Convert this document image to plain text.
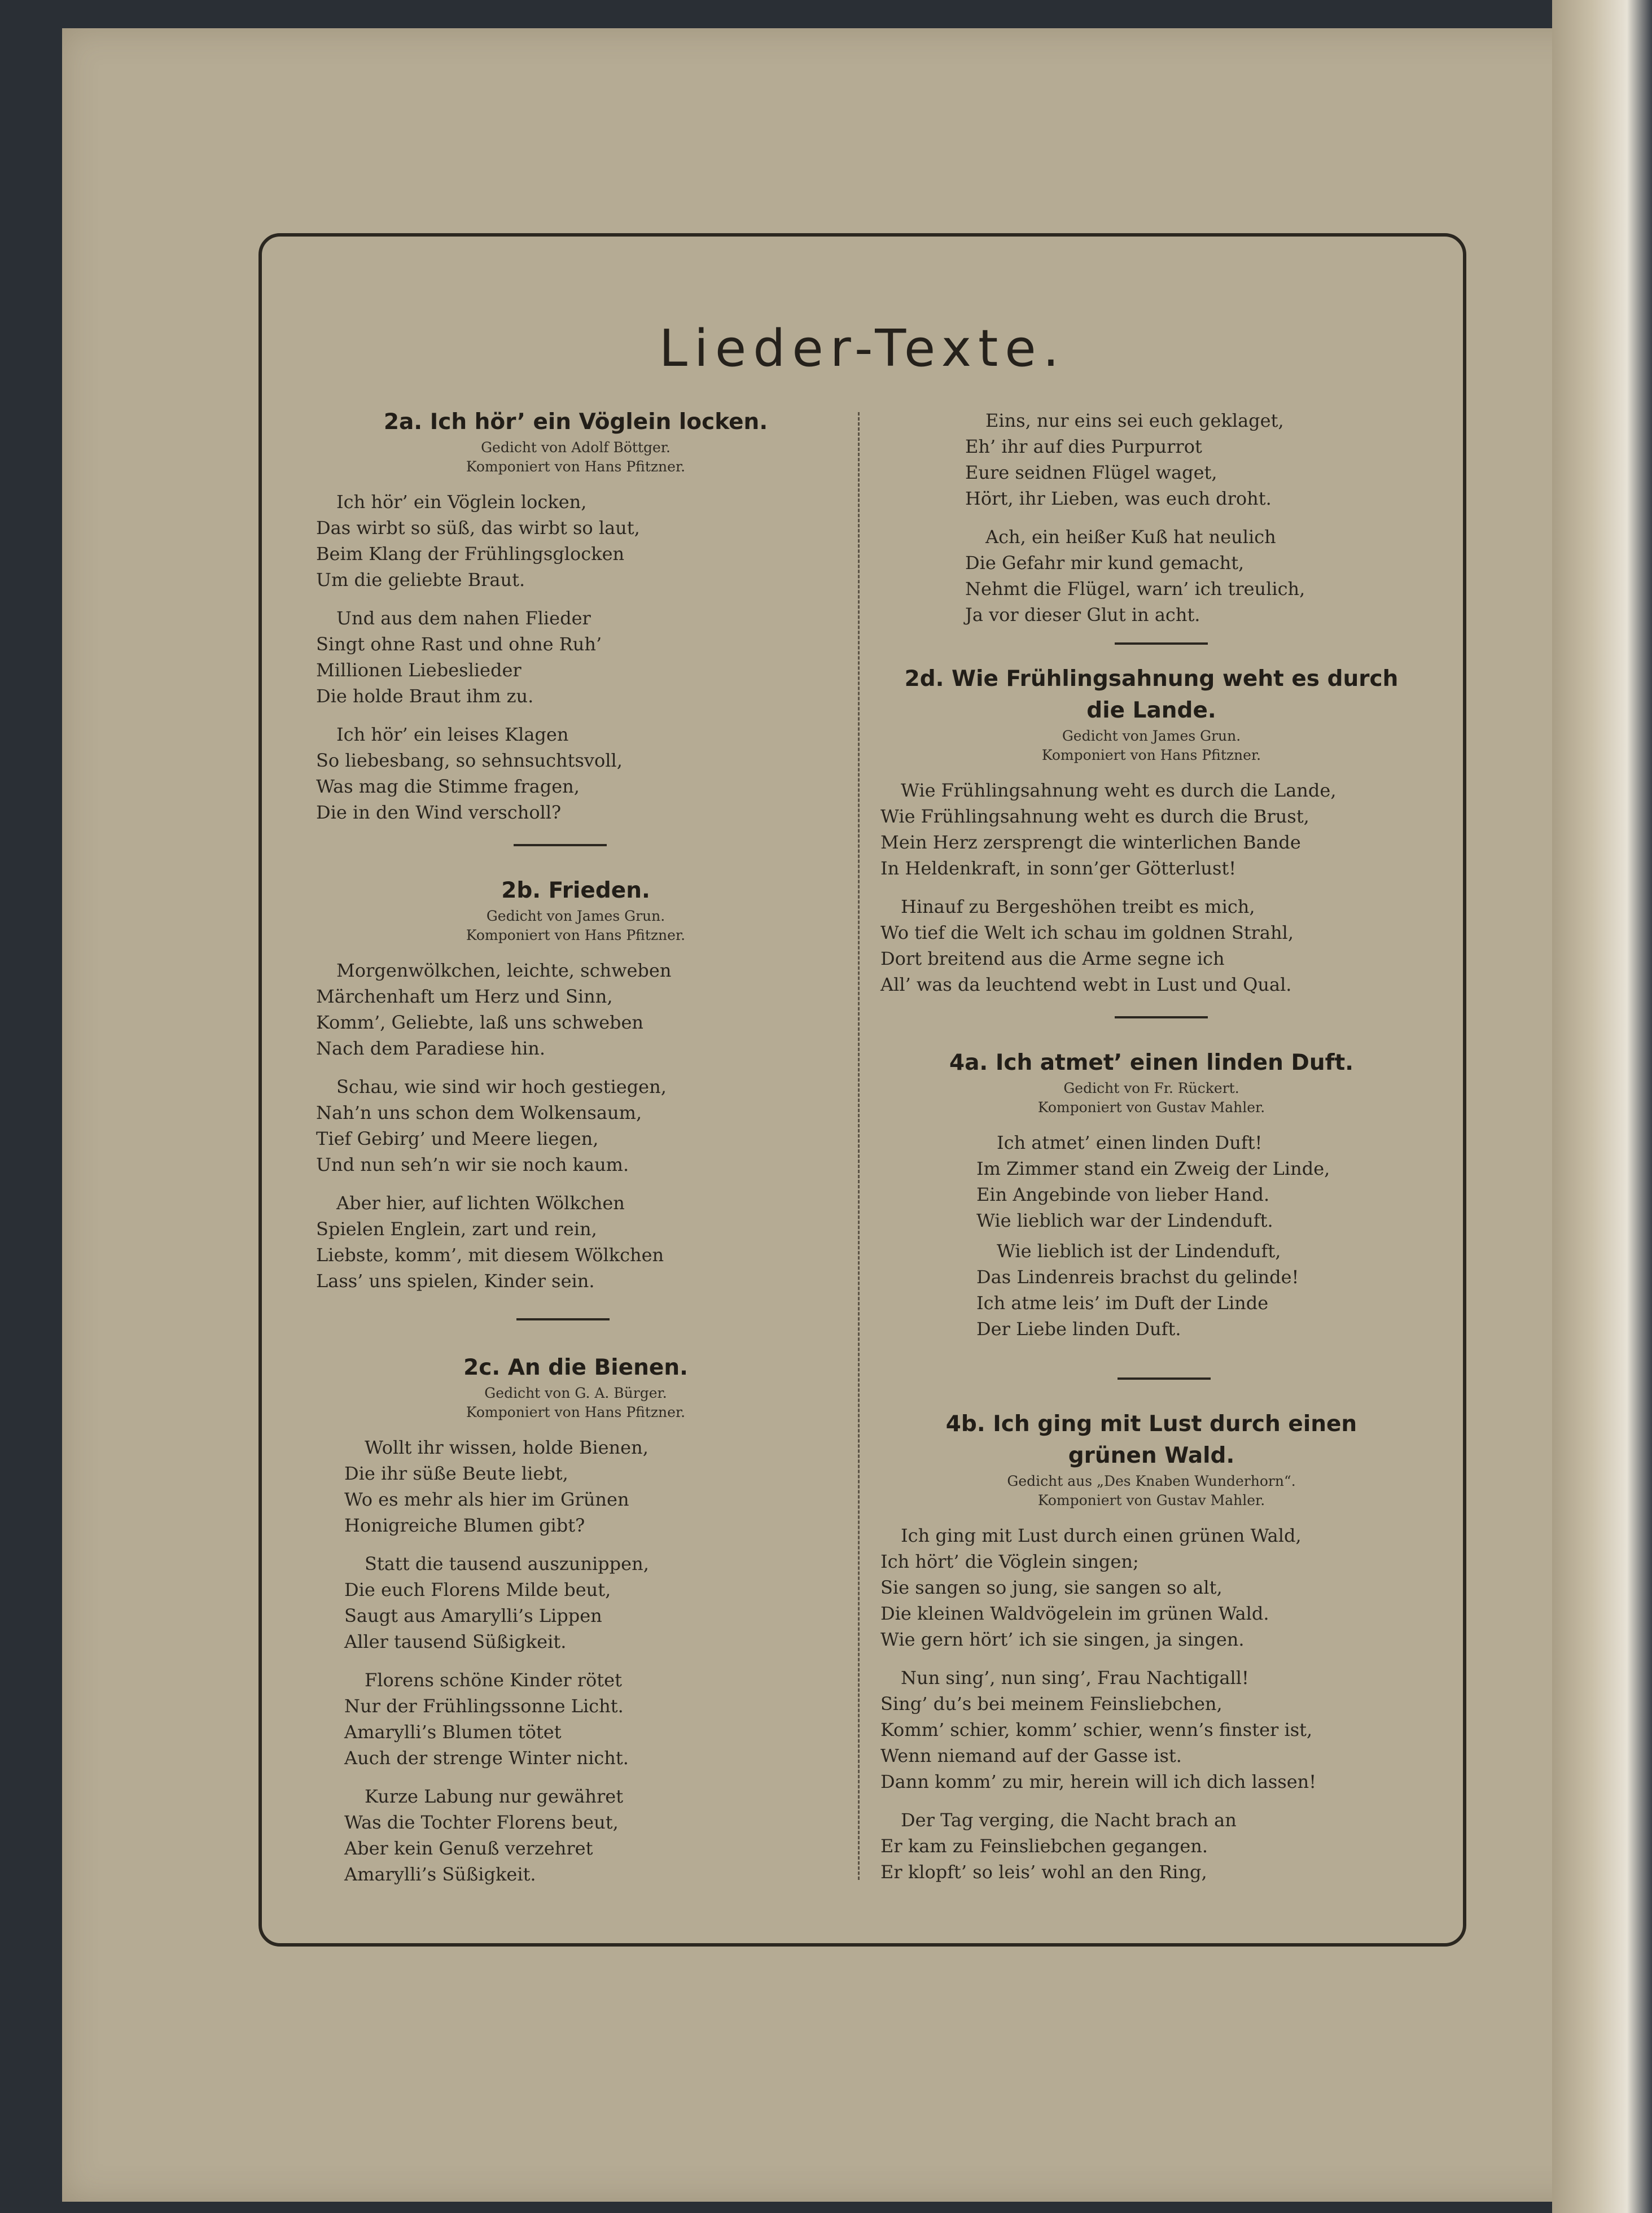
Lieder-Texte.

2a. Ich hör’ ein Vöglein locken.

Gedicht von Adolf Böttger.
Komponiert von Hans Pfitzner.
Ich hör’ ein Vöglein locken,
Das wirbt so süß, das wirbt so laut,
Beim Klang der Frühlingsglocken
Um die geliebte Braut.
Und aus dem nahen Flieder
Singt ohne Rast und ohne Ruh’
Millionen Liebeslieder
Die holde Braut ihm zu.
Ich hör’ ein leises Klagen
So liebesbang, so sehnsuchtsvoll,
Was mag die Stimme fragen,
Die in den Wind verscholl?

2b. Frieden.

Gedicht von James Grun.
Komponiert von Hans Pfitzner.
Morgenwölkchen, leichte, schweben
Märchenhaft um Herz und Sinn,
Komm’, Geliebte, laß uns schweben
Nach dem Paradiese hin.
Schau, wie sind wir hoch gestiegen,
Nah’n uns schon dem Wolkensaum,
Tief Gebirg’ und Meere liegen,
Und nun seh’n wir sie noch kaum.
Aber hier, auf lichten Wölkchen
Spielen Englein, zart und rein,
Liebste, komm’, mit diesem Wölkchen
Lass’ uns spielen, Kinder sein.

2c. An die Bienen.

Gedicht von G. A. Bürger.
Komponiert von Hans Pfitzner.
Wollt ihr wissen, holde Bienen,
Die ihr süße Beute liebt,
Wo es mehr als hier im Grünen
Honigreiche Blumen gibt?
Statt die tausend auszunippen,
Die euch Florens Milde beut,
Saugt aus Amarylli’s Lippen
Aller tausend Süßigkeit.
Florens schöne Kinder rötet
Nur der Frühlingssonne Licht.
Amarylli’s Blumen tötet
Auch der strenge Winter nicht.
Kurze Labung nur gewähret
Was die Tochter Florens beut,
Aber kein Genuß verzehret
Amarylli’s Süßigkeit.
Eins, nur eins sei euch geklaget,
Eh’ ihr auf dies Purpurrot
Eure seidnen Flügel waget,
Hört, ihr Lieben, was euch droht.
Ach, ein heißer Kuß hat neulich
Die Gefahr mir kund gemacht,
Nehmt die Flügel, warn’ ich treulich,
Ja vor dieser Glut in acht.

2d. Wie Frühlingsahnung weht es durch

die Lande.

Gedicht von James Grun.
Komponiert von Hans Pfitzner.
Wie Frühlingsahnung weht es durch die Lande,
Wie Frühlingsahnung weht es durch die Brust,
Mein Herz zersprengt die winterlichen Bande
In Heldenkraft, in sonn’ger Götterlust!
Hinauf zu Bergeshöhen treibt es mich,
Wo tief die Welt ich schau im goldnen Strahl,
Dort breitend aus die Arme segne ich
All’ was da leuchtend webt in Lust und Qual.

4a. Ich atmet’ einen linden Duft.

Gedicht von Fr. Rückert.
Komponiert von Gustav Mahler.
Ich atmet’ einen linden Duft!
Im Zimmer stand ein Zweig der Linde,
Ein Angebinde von lieber Hand.
Wie lieblich war der Lindenduft.
Wie lieblich ist der Lindenduft,
Das Lindenreis brachst du gelinde!
Ich atme leis’ im Duft der Linde
Der Liebe linden Duft.

4b. Ich ging mit Lust durch einen

grünen Wald.

Gedicht aus „Des Knaben Wunderhorn“.
Komponiert von Gustav Mahler.
Ich ging mit Lust durch einen grünen Wald,
Ich hört’ die Vöglein singen;
Sie sangen so jung, sie sangen so alt,
Die kleinen Waldvögelein im grünen Wald.
Wie gern hört’ ich sie singen, ja singen.
Nun sing’, nun sing’, Frau Nachtigall!
Sing’ du’s bei meinem Feinsliebchen,
Komm’ schier, komm’ schier, wenn’s finster ist,
Wenn niemand auf der Gasse ist.
Dann komm’ zu mir, herein will ich dich lassen!
Der Tag verging, die Nacht brach an
Er kam zu Feinsliebchen gegangen.
Er klopft’ so leis’ wohl an den Ring,
